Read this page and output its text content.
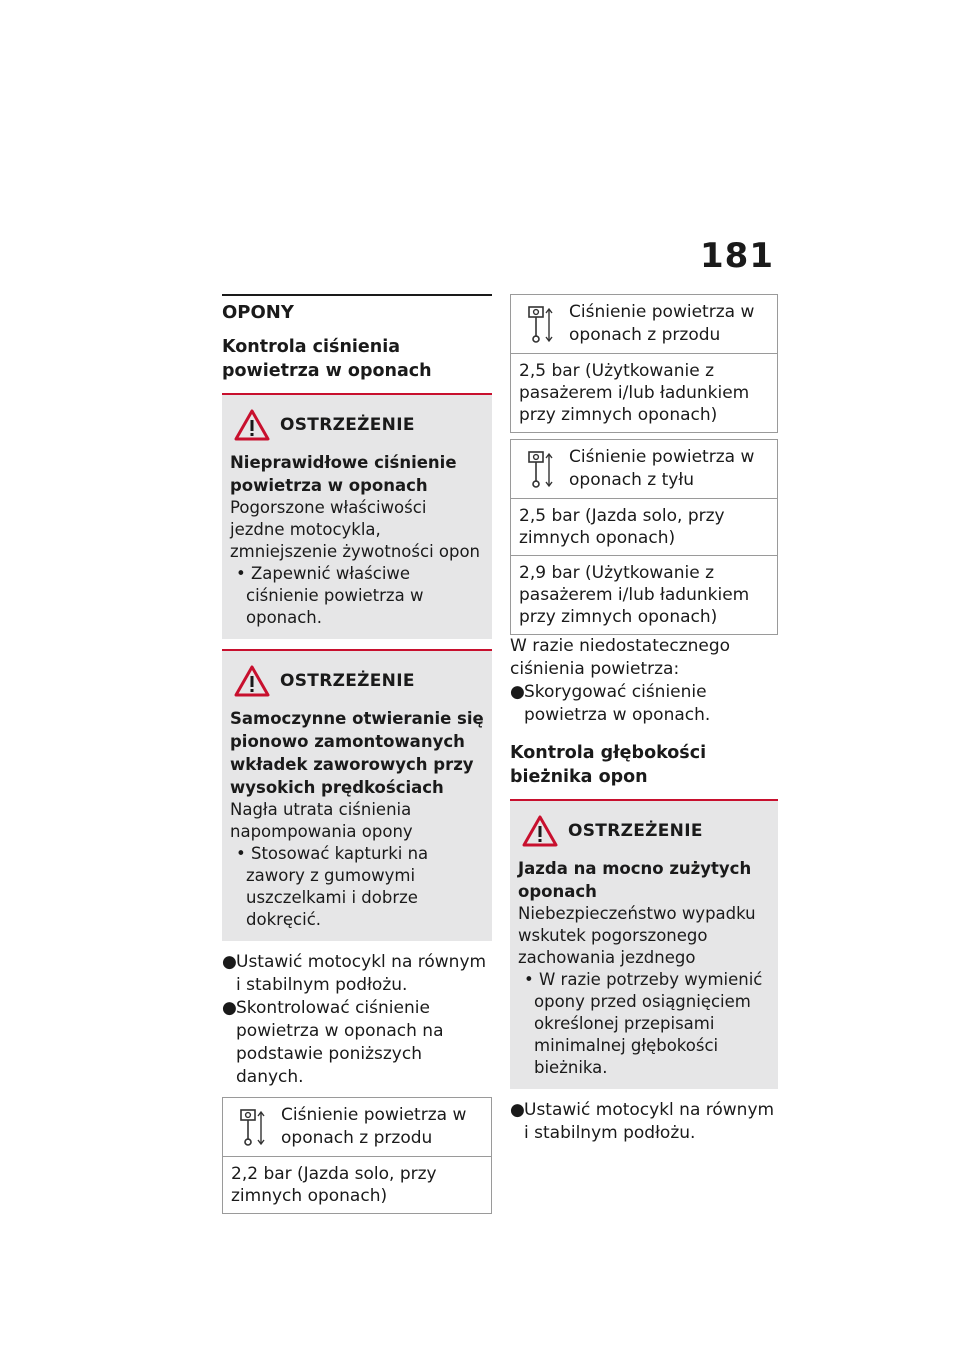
181
OPONY
Kontrola ciśnienia powietrza w oponach
OSTRZEŻENIE
Nieprawidłowe ciśnienie powietrza w oponach
Pogorszone właściwości jezdne motocykla, zmniejszenie żywotności opon
• Zapewnić właściwe ciśnienie powietrza w oponach.
OSTRZEŻENIE
Samoczynne otwieranie się pionowo zamontowanych wkładek zaworowych przy wysokich prędkościach
Nagła utrata ciśnienia napompowania opony
• Stosować kapturki na zawory z gumowymi uszczelkami i dobrze dokręcić.
●Ustawić motocykl na równym i stabilnym podłożu.
●Skontrolować ciśnienie powietrza w oponach na podstawie poniższych danych.
Ciśnienie powietrza w oponach z przodu
2,2 bar (Jazda solo, przy zimnych oponach)
Ciśnienie powietrza w oponach z przodu
2,5 bar (Użytkowanie z pasażerem i/lub ładunkiem przy zimnych oponach)
Ciśnienie powietrza w oponach z tyłu
2,5 bar (Jazda solo, przy zimnych oponach)
2,9 bar (Użytkowanie z pasażerem i/lub ładunkiem przy zimnych oponach)
W razie niedostatecznego ciśnienia powietrza:
●Skorygować ciśnienie powietrza w oponach.
Kontrola głębokości bieżnika opon
OSTRZEŻENIE
Jazda na mocno zużytych oponach
Niebezpieczeństwo wypadku wskutek pogorszonego zachowania jezdnego
• W razie potrzeby wymienić opony przed osiągnięciem określonej przepisami minimalnej głębokości bieżnika.
●Ustawić motocykl na równym i stabilnym podłożu.
